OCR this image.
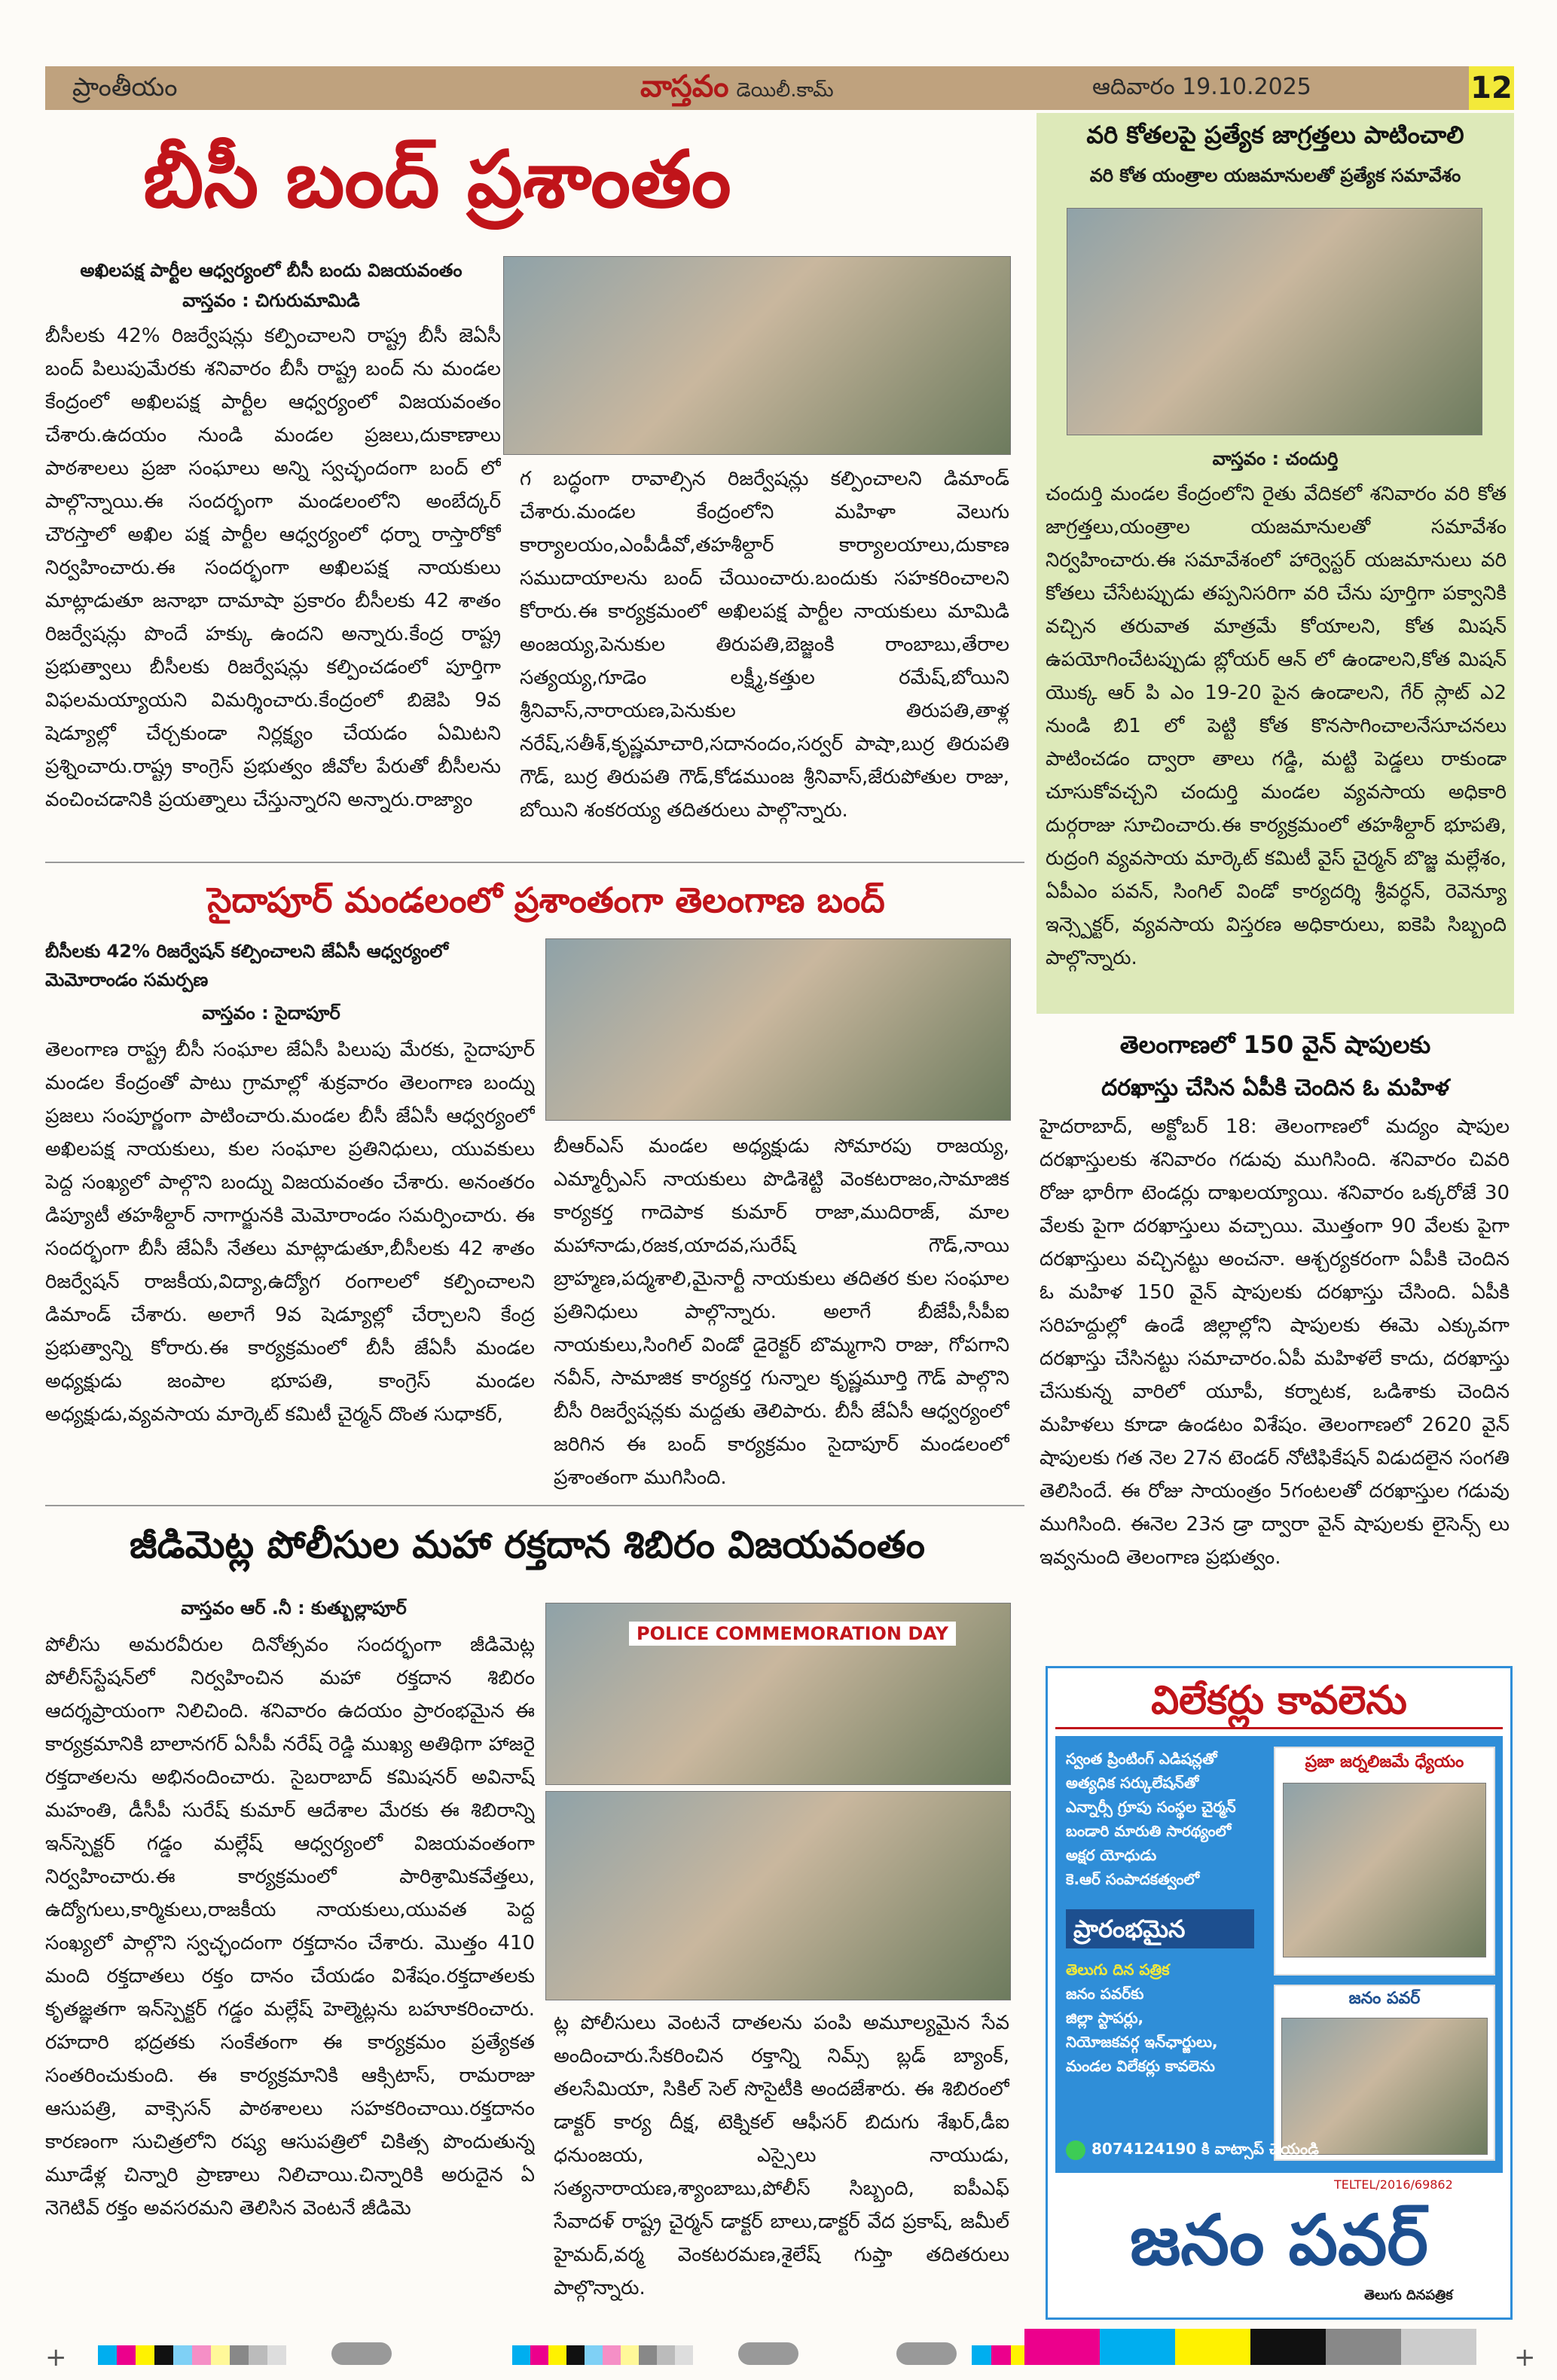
ప్రాంతీయం	వాస్తవం డెయిలీ.కామ్	ఆదివారం 19.10.2025	12
బీసీ బంద్ ప్రశాంతం
అఖిలపక్ష పార్టీల ఆధ్వర్యంలో బీసీ బందు విజయవంతం
వాస్తవం : చిగురుమామిడి
బీసీలకు 42% రిజర్వేషన్లు కల్పించాలని రాష్ట్ర బీసీ జెఏసీ బంద్ పిలుపుమేరకు శనివారం బీసీ రాష్ట్ర బంద్ ను మండల కేంద్రంలో అఖిలపక్ష పార్టీల ఆధ్వర్యంలో విజయవంతం చేశారు.ఉదయం నుండి మండల ప్రజలు,దుకాణాలు పాఠశాలలు ప్రజా సంఘాలు అన్ని స్వచ్ఛందంగా బంద్ లో పాల్గొన్నాయి.ఈ సందర్భంగా మండలంలోని అంబేద్కర్ చౌరస్తాలో అఖిల పక్ష పార్టీల ఆధ్వర్యంలో ధర్నా రాస్తారోకో నిర్వహించారు.ఈ సందర్భంగా అఖిలపక్ష నాయకులు మాట్లాడుతూ జనాభా దామాషా ప్రకారం బీసీలకు 42 శాతం రిజర్వేషన్లు పొందే హక్కు ఉందని అన్నారు.కేంద్ర రాష్ట్ర ప్రభుత్వాలు బీసీలకు రిజర్వేషన్లు కల్పించడంలో పూర్తిగా విఫలమయ్యాయని విమర్శించారు.కేంద్రంలో బిజెపి 9వ షెడ్యూల్లో చేర్చకుండా నిర్లక్ష్యం చేయడం ఏమిటని ప్రశ్నించారు.రాష్ట్ర కాంగ్రెస్ ప్రభుత్వం జీవోల పేరుతో బీసీలను వంచించడానికి ప్రయత్నాలు చేస్తున్నారని అన్నారు.రాజ్యాం
గ బద్ధంగా రావాల్సిన రిజర్వేషన్లు కల్పించాలని డిమాండ్ చేశారు.మండల కేంద్రంలోని మహిళా వెలుగు కార్యాలయం,ఎంపీడీవో,తహశీల్దార్ కార్యాలయాలు,దుకాణ సముదాయాలను బంద్ చేయించారు.బందుకు సహకరించాలని కోరారు.ఈ కార్యక్రమంలో అఖిలపక్ష పార్టీల నాయకులు మామిడి అంజయ్య,పెనుకుల తిరుపతి,బెజ్జంకి రాంబాబు,తేరాల సత్యయ్య,గూడెం లక్ష్మీ,కత్తుల రమేష్,బోయిని శ్రీనివాస్,నారాయణ,పెనుకుల తిరుపతి,తాళ్ల నరేష్,సతీశ్,కృష్ణమాచారి,సదానందం,సర్వర్ పాషా,బుర్ర తిరుపతి గౌడ్, బుర్ర తిరుపతి గౌడ్,కోడముంజ శ్రీనివాస్,జేరుపోతుల రాజు, బోయిని శంకరయ్య తదితరులు పాల్గొన్నారు.
సైదాపూర్ మండలంలో ప్రశాంతంగా తెలంగాణ బంద్
బీసీలకు 42% రిజర్వేషన్ కల్పించాలని జేఏసీ ఆధ్వర్యంలో మెమోరాండం సమర్పణ
వాస్తవం : సైదాపూర్
తెలంగాణ రాష్ట్ర బీసీ సంఘాల జేఏసీ పిలుపు మేరకు, సైదాపూర్ మండల కేంద్రంతో పాటు గ్రామాల్లో శుక్రవారం తెలంగాణ బంద్ను ప్రజలు సంపూర్ణంగా పాటించారు.మండల బీసీ జేఏసీ ఆధ్వర్యంలో అఖిలపక్ష నాయకులు, కుల సంఘాల ప్రతినిధులు, యువకులు పెద్ద సంఖ్యలో పాల్గొని బంద్ను విజయవంతం చేశారు. అనంతరం డిప్యూటీ తహశీల్దార్ నాగార్జునకి మెమోరాండం సమర్పించారు. ఈ సందర్భంగా బీసీ జేఏసీ నేతలు మాట్లాడుతూ,బీసీలకు 42 శాతం రిజర్వేషన్ రాజకీయ,విద్యా,ఉద్యోగ రంగాలలో కల్పించాలని డిమాండ్ చేశారు. అలాగే 9వ షెడ్యూల్లో చేర్చాలని కేంద్ర ప్రభుత్వాన్ని కోరారు.ఈ కార్యక్రమంలో బీసీ జేఏసీ మండల అధ్యక్షుడు జంపాల భూపతి, కాంగ్రెస్ మండల అధ్యక్షుడు,వ్యవసాయ మార్కెట్ కమిటీ చైర్మన్ దొంత సుధాకర్,
బీఆర్ఎస్ మండల అధ్యక్షుడు సోమారపు రాజయ్య, ఎమ్మార్పీఎస్ నాయకులు పొడిశెట్టి వెంకటరాజం,సామాజిక కార్యకర్త గాదెపాక కుమార్ రాజా,ముదిరాజ్, మాల మహానాడు,రజక,యాదవ,సురేష్ గౌడ్,నాయి బ్రాహ్మణ,పద్మశాలి,మైనార్టీ నాయకులు తదితర కుల సంఘాల ప్రతినిధులు పాల్గొన్నారు. అలాగే బీజేపీ,సీపీఐ నాయకులు,సింగిల్ విండో డైరెక్టర్ బొమ్మగాని రాజు, గోపగాని నవీన్, సామాజిక కార్యకర్త గున్నాల కృష్ణమూర్తి గౌడ్ పాల్గొని బీసీ రిజర్వేషన్లకు మద్దతు తెలిపారు. బీసీ జేఏసీ ఆధ్వర్యంలో జరిగిన ఈ బంద్ కార్యక్రమం సైదాపూర్ మండలంలో ప్రశాంతంగా ముగిసింది.
జీడిమెట్ల పోలీసుల మహా రక్తదాన శిబిరం విజయవంతం
వాస్తవం ఆర్ .నీ : కుత్బుల్లాపూర్
పోలీసు అమరవీరుల దినోత్సవం సందర్భంగా జీడిమెట్ల పోలీస్‌స్టేషన్‌లో నిర్వహించిన మహా రక్తదాన శిబిరం ఆదర్శప్రాయంగా నిలిచింది. శనివారం ఉదయం ప్రారంభమైన ఈ కార్యక్రమానికి బాలానగర్ ఏసీపీ నరేష్ రెడ్డి ముఖ్య అతిథిగా హాజరై రక్తదాతలను అభినందించారు. సైబరాబాద్ కమిషనర్ అవినాష్ మహంతి, డీసీపీ సురేష్ కుమార్ ఆదేశాల మేరకు ఈ శిబిరాన్ని ఇన్‌స్పెక్టర్ గడ్డం మల్లేష్ ఆధ్వర్యంలో విజయవంతంగా నిర్వహించారు.ఈ కార్యక్రమంలో పారిశ్రామికవేత్తలు, ఉద్యోగులు,కార్మికులు,రాజకీయ నాయకులు,యువత పెద్ద సంఖ్యలో పాల్గొని స్వచ్ఛందంగా రక్తదానం చేశారు. మొత్తం 410 మంది రక్తదాతలు రక్తం దానం చేయడం విశేషం.రక్తదాతలకు కృతజ్ఞతగా ఇన్‌స్పెక్టర్ గడ్డం మల్లేష్ హెల్మెట్లను బహూకరించారు. రహదారి భద్రతకు సంకేతంగా ఈ కార్యక్రమం ప్రత్యేకత సంతరించుకుంది. ఈ కార్యక్రమానికి ఆక్సిటాస్, రామరాజు ఆసుపత్రి, వాక్సెసన్ పాఠశాలలు సహకరించాయి.రక్తదానం కారణంగా సుచిత్రలోని రష్య ఆసుపత్రిలో చికిత్స పొందుతున్న మూడేళ్ల చిన్నారి ప్రాణాలు నిలిచాయి.చిన్నారికి అరుదైన ఏ నెగెటివ్ రక్తం అవసరమని తెలిసిన వెంటనే జీడిమె
POLICE COMMEMORATION DAY
ట్ల పోలీసులు వెంటనే దాతలను పంపి అమూల్యమైన సేవ అందించారు.సేకరించిన రక్తాన్ని నిమ్స్ బ్లడ్ బ్యాంక్, తలసేమియా, సికిల్ సెల్ సొసైటీకి అందజేశారు. ఈ శిబిరంలో డాక్టర్ కార్య దీక్ష, టెక్నికల్ ఆఫీసర్ బిదుగు శేఖర్,డీఐ ధనుంజయ, ఎస్సైలు నాయుడు, సత్యనారాయణ,శ్యాంబాబు,పోలీస్ సిబ్బంది, ఐపీఎఫ్ సేవాదళ్ రాష్ట్ర చైర్మన్ డాక్టర్ బాలు,డాక్టర్ వేద ప్రకాష్, జమీల్ హైమద్,వర్మ వెంకటరమణ,శైలేష్ గుప్తా తదితరులు పాల్గొన్నారు.
వరి కోతలపై ప్రత్యేక జాగ్రత్తలు పాటించాలి
వరి కోత యంత్రాల యజమానులతో ప్రత్యేక సమావేశం
వాస్తవం : చందుర్తి
చందుర్తి మండల కేంద్రంలోని రైతు వేదికలో శనివారం వరి కోత జాగ్రత్తలు,యంత్రాల యజమానులతో సమావేశం నిర్వహించారు.ఈ సమావేశంలో హార్వెస్టర్ యజమానులు వరి కోతలు చేసేటప్పుడు తప్పనిసరిగా వరి చేను పూర్తిగా పక్వానికి వచ్చిన తరువాత మాత్రమే కోయాలని, కోత మిషన్ ఉపయోగించేటప్పుడు బ్లోయర్ ఆన్ లో ఉండాలని,కోత మిషన్ యొక్క ఆర్ పి ఎం 19-20 పైన ఉండాలని, గేర్ స్లాట్ ఎ2 నుండి బి1 లో పెట్టి కోత కొనసాగించాలనేసూచనలు పాటించడం ద్వారా తాలు గడ్డి, మట్టి పెడ్డలు రాకుండా చూసుకోవచ్చని చందుర్తి మండల వ్యవసాయ అధికారి దుర్గరాజు సూచించారు.ఈ కార్యక్రమంలో తహశీల్దార్ భూపతి, రుద్రంగి వ్యవసాయ మార్కెట్ కమిటీ వైస్ చైర్మన్ బొజ్జ మల్లేశం, ఏపీఎం పవన్, సింగిల్ విండో కార్యదర్శి శ్రీవర్ధన్, రెవెన్యూ ఇన్స్పెక్టర్, వ్యవసాయ విస్తరణ అధికారులు, ఐకెపి సిబ్బంది పాల్గొన్నారు.
తెలంగాణలో 150 వైన్ షాపులకు
దరఖాస్తు చేసిన ఏపీకి చెందిన ఓ మహిళ
హైదరాబాద్, అక్టోబర్ 18: తెలంగాణలో మద్యం షాపుల దరఖాస్తులకు శనివారం గడువు ముగిసింది. శనివారం చివరి రోజు భారీగా టెండర్లు దాఖలయ్యాయి. శనివారం ఒక్కరోజే 30 వేలకు పైగా దరఖాస్తులు వచ్చాయి. మొత్తంగా 90 వేలకు పైగా దరఖాస్తులు వచ్చినట్టు అంచనా. ఆశ్చర్యకరంగా ఏపీకి చెందిన ఓ మహిళ 150 వైన్ షాపులకు దరఖాస్తు చేసింది. ఏపీకి సరిహద్దుల్లో ఉండే జిల్లాల్లోని షాపులకు ఈమె ఎక్కువగా దరఖాస్తు చేసినట్టు సమాచారం.ఏపీ మహిళలే కాదు, దరఖాస్తు చేసుకున్న వారిలో యూపీ, కర్నాటక, ఒడిశాకు చెందిన మహిళలు కూడా ఉండటం విశేషం. తెలంగాణలో 2620 వైన్ షాపులకు గత నెల 27న టెండర్ నోటిఫికేషన్ విడుదలైన సంగతి తెలిసిందే. ఈ రోజు సాయంత్రం 5గంటలతో దరఖాస్తుల గడువు ముగిసింది. ఈనెల 23న డ్రా ద్వారా వైన్ షాపులకు లైసెన్స్ లు ఇవ్వనుంది తెలంగాణ ప్రభుత్వం.
విలేకర్లు కావలెను
స్వంత ప్రింటింగ్ ఎడిషన్లతో
అత్యధిక సర్కులేషన్‌తో
ఎన్నార్సీ గ్రూపు సంస్థల చైర్మన్
బండారి మారుతి సారథ్యంలో
అక్షర యోధుడు
కె.ఆర్ సంపాదకత్వంలో
ప్రారంభమైన
తెలుగు దిన పత్రిక
జనం పవర్‌కు
జిల్లా స్టాపర్లు,
నియోజకవర్గ ఇన్‌ఛార్జులు,
మండల విలేకర్లు కావలెను
ప్రజా జర్నలిజమే ధ్యేయం
జనం పవర్
8074124190 కి వాట్సాప్ చేయండి
TELTEL/2016/69862
జనం పవర్
తెలుగు దినపత్రిక
+	+
